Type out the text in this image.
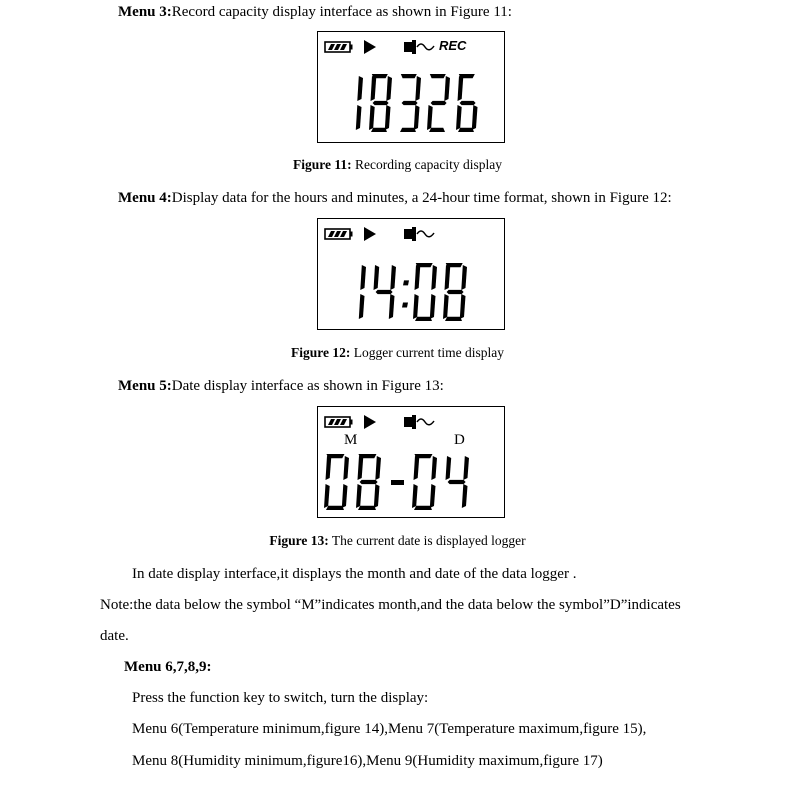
Menu 3:Record capacity display interface as shown in Figure 11:
REC
Figure 11: Recording capacity display
Menu 4:Display data for the hours and minutes, a 24-hour time format, shown in Figure 12:
Figure 12: Logger current time display
Menu 5:Date display interface as shown in Figure 13:
M	D
Figure 13: The current date is displayed logger
In date display interface,it displays the month and date of the data logger .
Note:the data below the symbol “M”indicates month,and the data below the symbol”D”indicates
date.
Menu 6,7,8,9:
Press the function key to switch, turn the display:
Menu 6(Temperature minimum,figure 14),Menu 7(Temperature maximum,figure 15),
Menu 8(Humidity minimum,figure16),Menu 9(Humidity maximum,figure 17)
